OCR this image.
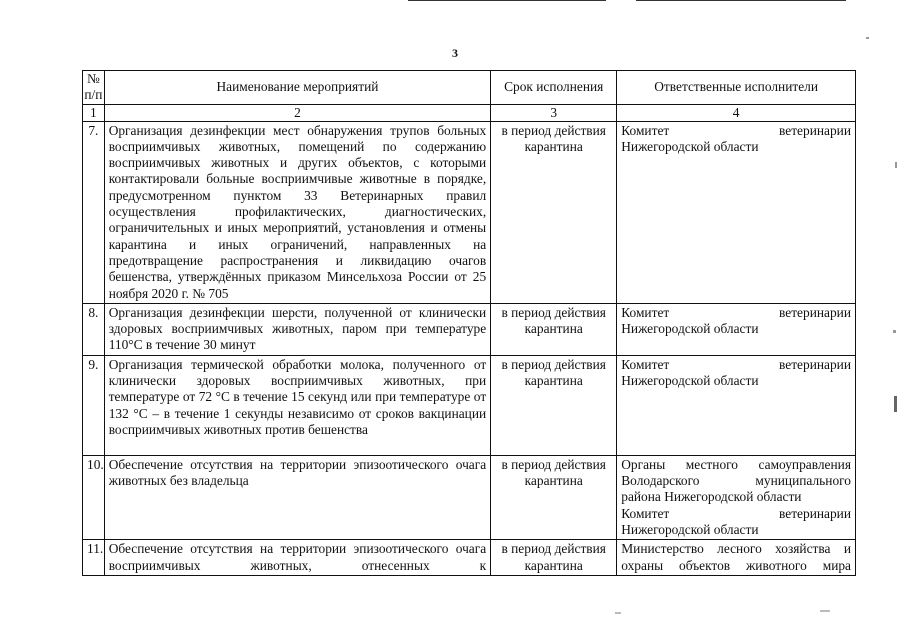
3
№ п/п	Наименование мероприятий	Срок исполнения	Ответственные исполнители
1	2	3	4
7.	Организация дезинфекции мест обнаружения трупов больных восприимчивых животных, помещений по содержанию восприимчивых животных и других объектов, с которыми контактировали больные восприимчивые животные в порядке, предусмотренном пунктом 33 Ветеринарных правил осуществления профилактических, диагностических, ограничительных и иных мероприятий, установления и отмены карантина и иных ограничений, направленных на предотвращение распространения и ликвидацию очагов бешенства, утверждённых приказом Минсельхоза России от 25 ноября 2020 г. № 705	в период действия карантина	Комитет ветеринарии
Нижегородской области

8.	Организация дезинфекции шерсти, полученной от клинически здоровых восприимчивых животных, паром при температуре 110°С в течение 30 минут	в период действия карантина	Комитет ветеринарии
Нижегородской области

9.	Организация термической обработки молока, полученного от клинически здоровых восприимчивых животных, при температуре от 72 °С в течение 15 секунд или при температуре от 132 °С – в течение 1 секунды независимо от сроков вакцинации восприимчивых животных против бешенства	в период действия карантина	Комитет ветеринарии
Нижегородской области

10.	Обеспечение отсутствия на территории эпизоотического очага животных без владельца	в период действия карантина	Органы местного самоуправления
Володарского муниципального
района Нижегородской области
Комитет ветеринарии
Нижегородской области

11.	Обеспечение отсутствия на территории эпизоотического очага восприимчивых животных, отнесенных к	в период действия карантина	Министерство лесного хозяйства и
охраны объектов животного мира
